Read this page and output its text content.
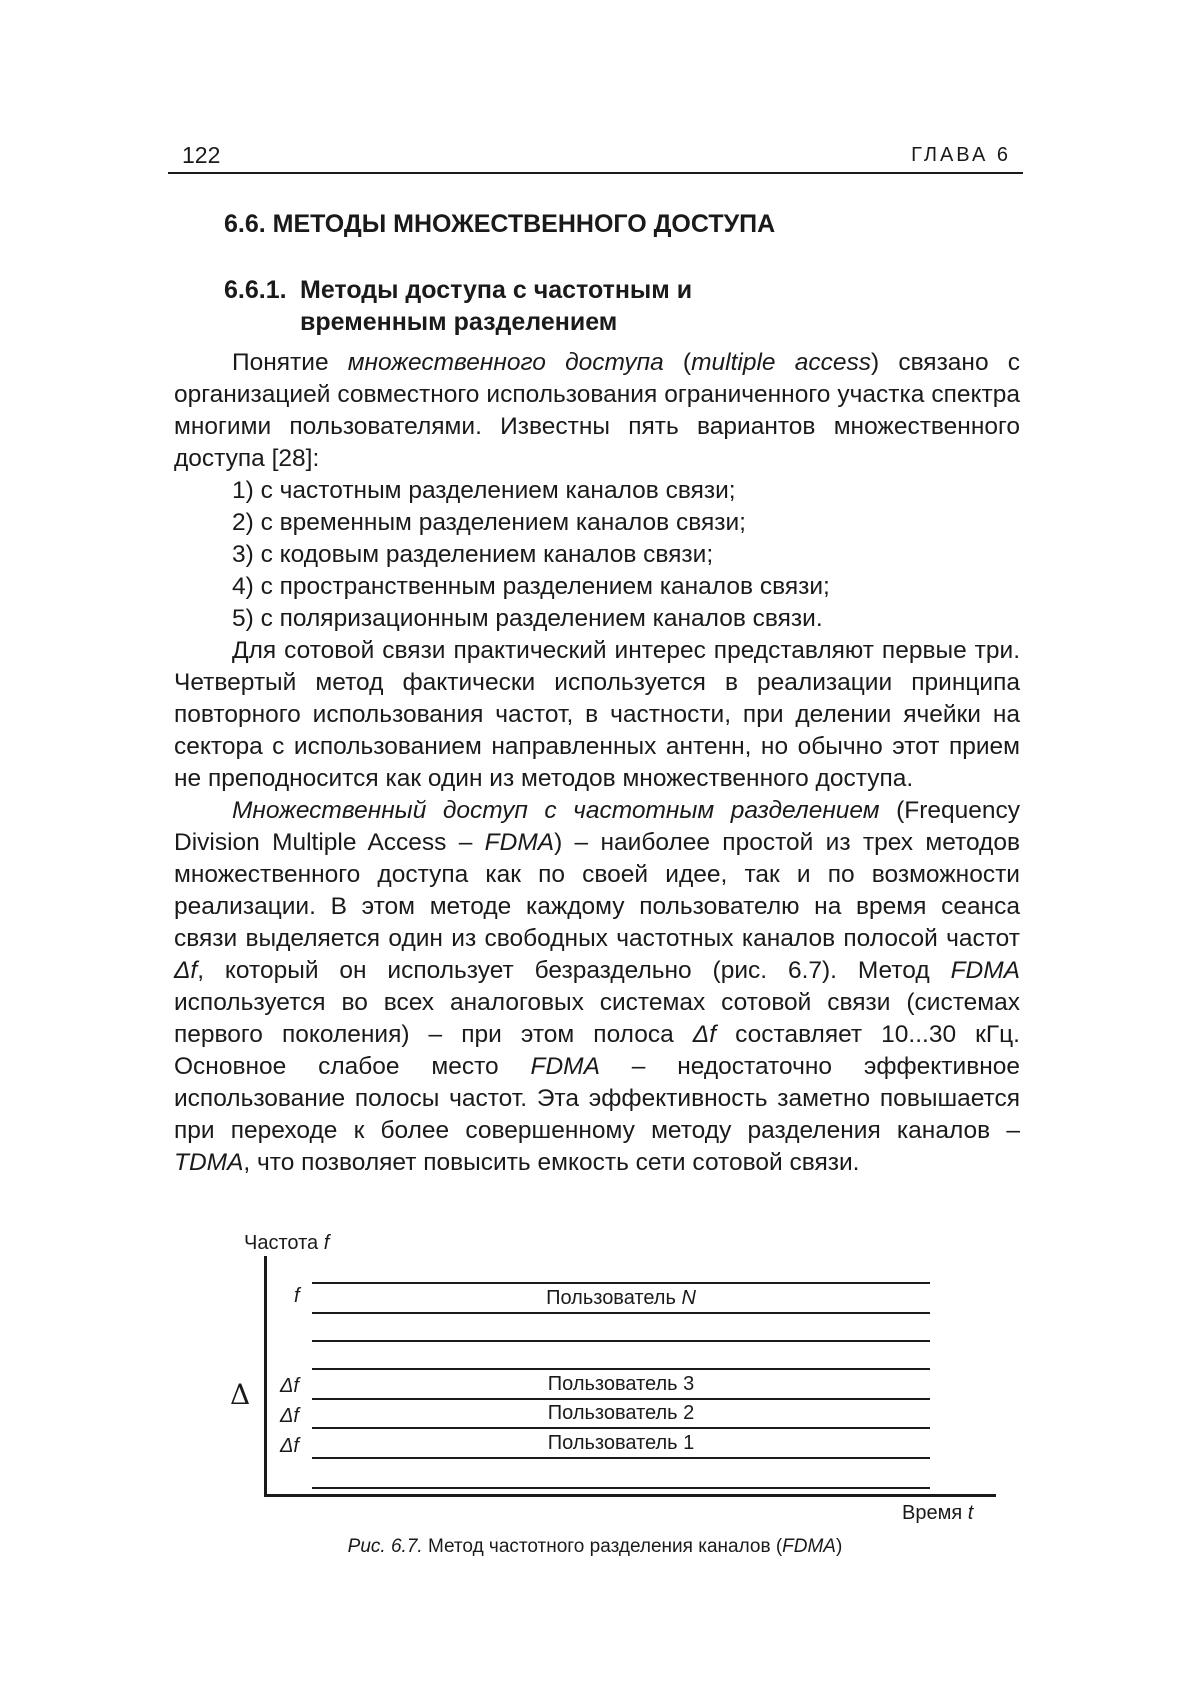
122	ГЛАВА 6
6.6. МЕТОДЫ МНОЖЕСТВЕННОГО ДОСТУПА
6.6.1. Методы доступа с частотным и
временным разделением

Понятие множественного доступа (multiple access) связано с организацией совместного использования ограниченного участка спектра многими пользователями. Известны пять вариантов множественного доступа [28]:

1) с частотным разделением каналов связи;

2) с временным разделением каналов связи;

3) с кодовым разделением каналов связи;

4) с пространственным разделением каналов связи;

5) с поляризационным разделением каналов связи.

Для сотовой связи практический интерес представляют первые три. Четвертый метод фактически используется в реализации принципа повторного использования частот, в частности, при делении ячейки на сектора с использованием направленных антенн, но обычно этот прием не преподносится как один из методов множественного доступа.

Множественный доступ с частотным разделением (Frequency Division Multiple Access – FDMA) – наиболее простой из трех методов множественного доступа как по своей идее, так и по возможности реализации. В этом методе каждому пользователю на время сеанса связи выделяется один из свободных частотных каналов полосой частот Δf, который он использует безраздельно (рис. 6.7). Метод FDMA используется во всех аналоговых системах сотовой связи (системах первого поколения) – при этом полоса Δf составляет 10...30 кГц. Основное слабое место FDMA – недостаточно эффективное использование полосы частот. Эта эффективность заметно повышается при переходе к более совершенному методу разделения каналов – TDMA, что позволяет повысить емкость сети сотовой связи.

Частота f
Δ
f	Пользователь N
Δf	Пользователь 3
Δf	Пользователь 2
Δf	Пользователь 1
Время t
Рис. 6.7. Метод частотного разделения каналов (FDMA)
